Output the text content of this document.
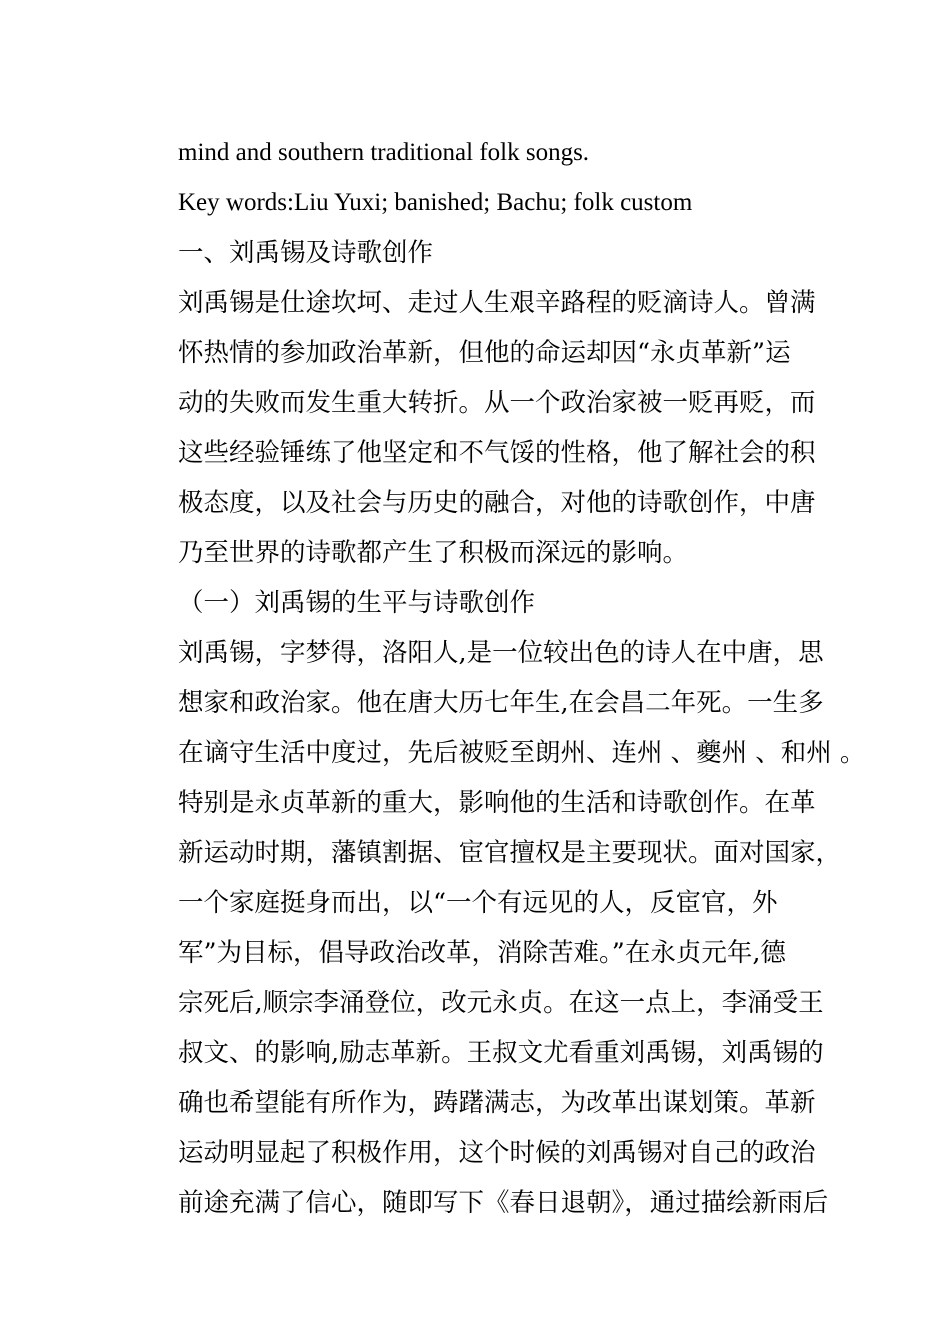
mind and southern traditional folk songs.
Key words:Liu Yuxi; banished; Bachu; folk custom
一、刘禹锡及诗歌创作
刘禹锡是仕途坎坷、走过人生艰辛路程的贬滴诗人。曾满
怀热情的参加政治革新，但他的命运却因“永贞革新”运
动的失败而发生重大转折。从一个政治家被一贬再贬，而
这些经验锤练了他坚定和不气馁的性格，他了解社会的积
极态度，以及社会与历史的融合，对他的诗歌创作，中唐
乃至世界的诗歌都产生了积极而深远的影响。
（一）刘禹锡的生平与诗歌创作
刘禹锡，字梦得，洛阳人,是一位较出色的诗人在中唐，思
想家和政治家。他在唐大历七年生,在会昌二年死。一生多
在谪守生活中度过，先后被贬至朗州、连州 、夔州 、和州 。
特别是永贞革新的重大，影响他的生活和诗歌创作。在革
新运动时期，藩镇割据、宦官擅权是主要现状。面对国家，
一个家庭挺身而出，以“一个有远见的人，反宦官，外
军”为目标，倡导政治改革，消除苦难。”在永贞元年,德
宗死后,顺宗李涌登位，改元永贞。在这一点上，李涌受王
叔文、的影响,励志革新。王叔文尤看重刘禹锡，刘禹锡的
确也希望能有所作为，踌躇满志，为改革出谋划策。革新
运动明显起了积极作用，这个时候的刘禹锡对自己的政治
前途充满了信心，随即写下《春日退朝》，通过描绘新雨后
